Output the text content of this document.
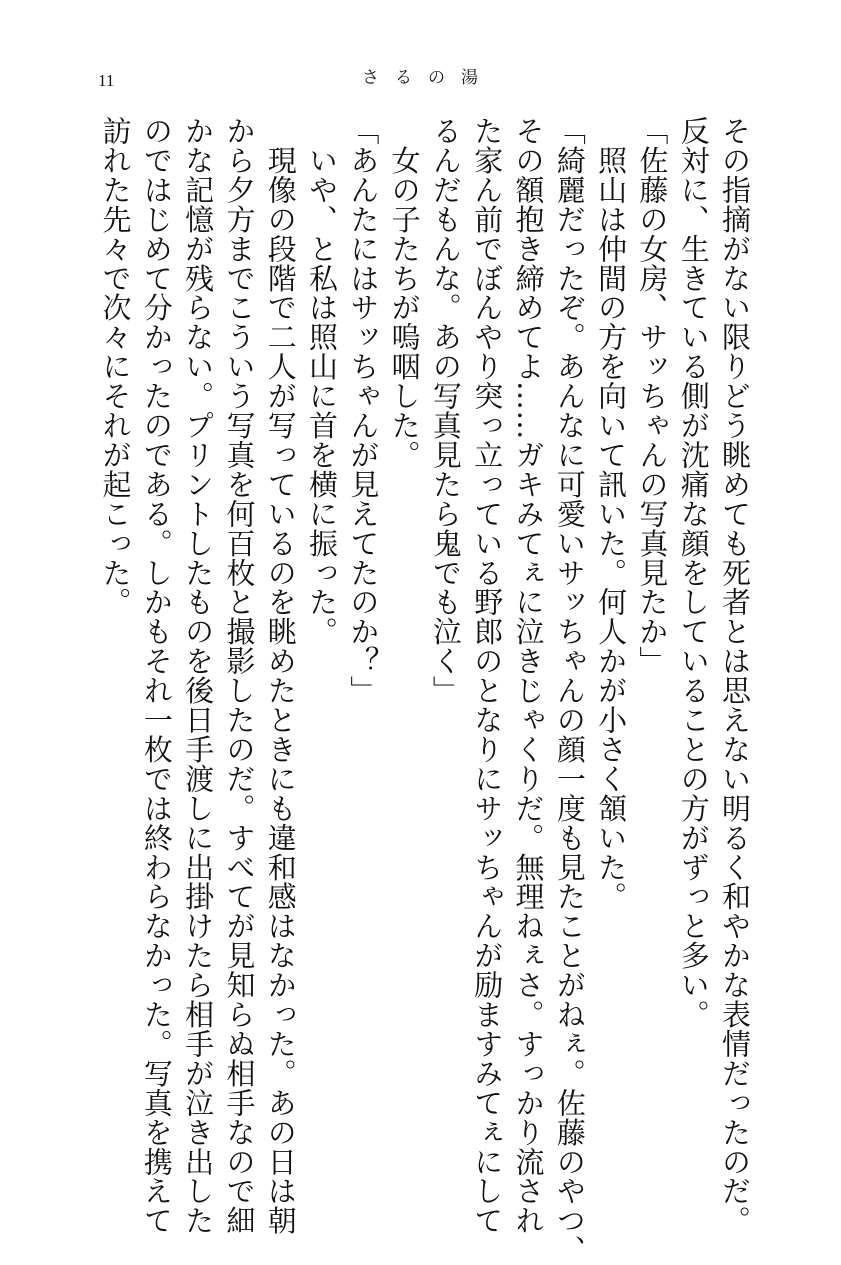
11	さるの湯
その指摘がない限りどう眺めても死者とは思えない明るく和やかな表情だったのだ。
反対に、生きている側が沈痛な顔をしていることの方がずっと多い。
「佐藤の女房、サッちゃんの写真見たか」
　照山は仲間の方を向いて訊いた。何人かが小さく頷いた。
「綺麗だったぞ。あんなに可愛いサッちゃんの顔一度も見たことがねぇ。佐藤のやつ、
その額抱き締めてよ……ガキみてぇに泣きじゃくりだ。無理ねぇさ。すっかり流され
た家ん前でぼんやり突っ立っている野郎のとなりにサッちゃんが励ますみてぇにして
るんだもんな。あの写真見たら鬼でも泣く」
　女の子たちが嗚咽した。
「あんたにはサッちゃんが見えてたのか？」
　いや、と私は照山に首を横に振った。
　現像の段階で二人が写っているのを眺めたときにも違和感はなかった。あの日は朝
から夕方までこういう写真を何百枚と撮影したのだ。すべてが見知らぬ相手なので細
かな記憶が残らない。プリントしたものを後日手渡しに出掛けたら相手が泣き出した
のではじめて分かったのである。しかもそれ一枚では終わらなかった。写真を携えて
訪れた先々で次々にそれが起こった。
